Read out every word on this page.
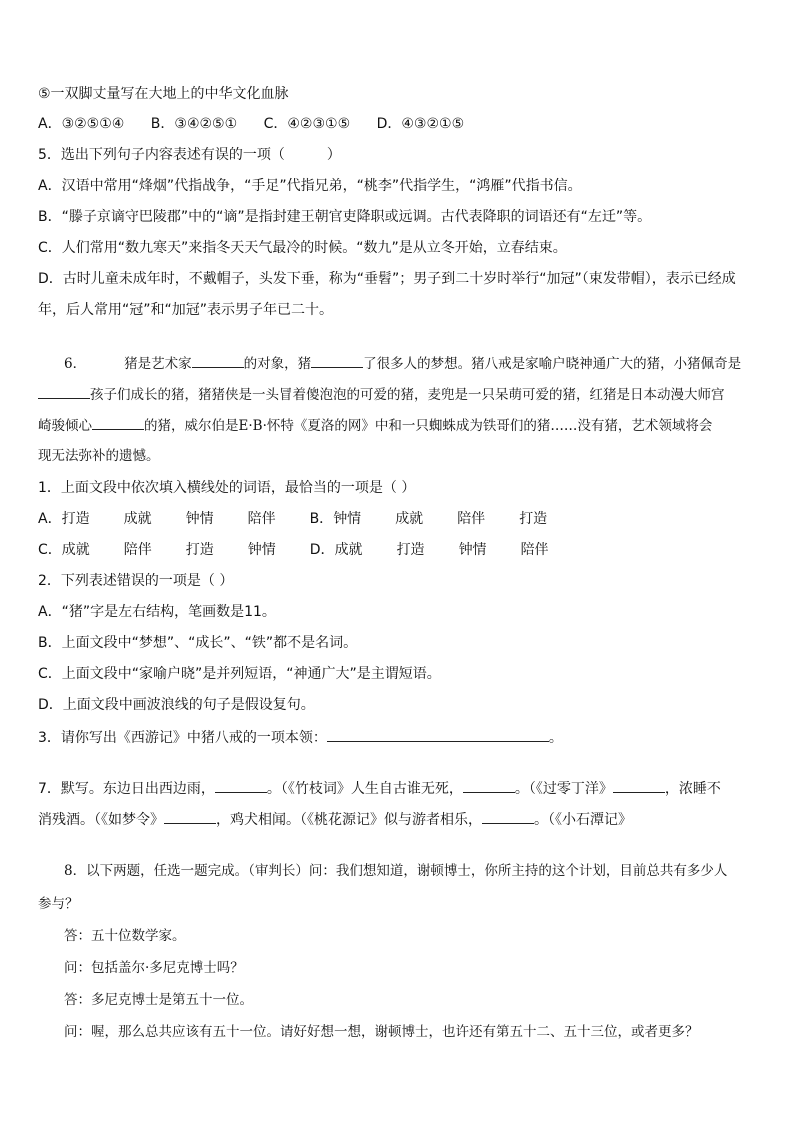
⑤一双脚丈量写在大地上的中华文化血脉
A．③②⑤①④ B．③④②⑤① C．④②③①⑤ D．④③②①⑤
5．选出下列句子内容表述有误的一项（	）
A．汉语中常用“烽烟”代指战争，“手足”代指兄弟，“桃李”代指学生，“鸿雁”代指书信。
B．“滕子京谪守巴陵郡”中的“谪”是指封建王朝官吏降职或远调。古代表降职的词语还有“左迁”等。
C．人们常用“数九寒天”来指冬天天气最冷的时候。“数九”是从立冬开始，立春结束。
D．古时儿童未成年时，不戴帽子，头发下垂，称为“垂髫”；男子到二十岁时举行“加冠”（束发带帽），表示已经成
年，后人常用“冠”和“加冠”表示男子年已二十。
6．	猪是艺术家	的对象，猪	了很多人的梦想。猪八戒是家喻户晓神通广大的猪，小猪佩奇是
孩子们成长的猪，猪猪侠是一头冒着傻泡泡的可爱的猪，麦兜是一只呆萌可爱的猪，红猪是日本动漫大师宫
崎骏倾心	的猪，威尔伯是E·B·怀特《夏洛的网》中和一只蜘蛛成为铁哥们的猪……没有猪，艺术领域将会
现无法弥补的遗憾。
1．上面文段中依次填入横线处的词语，最恰当的一项是（ ）
A．打造 成就 钟情 陪伴 B．钟情 成就 陪伴 打造
C．成就 陪伴 打造 钟情 D．成就 打造 钟情 陪伴
2．下列表述错误的一项是（ ）
A．“猪”字是左右结构，笔画数是11。
B．上面文段中“梦想”、“成长”、“铁”都不是名词。
C．上面文段中“家喻户晓”是并列短语，“神通广大”是主谓短语。
D．上面文段中画波浪线的句子是假设复句。
3．请你写出《西游记》中猪八戒的一项本领：	。
7．默写。东边日出西边雨，	。（《竹枝词》人生自古谁无死，	。（《过零丁洋》	，浓睡不
消残酒。（《如梦令》	，鸡犬相闻。（《桃花源记》似与游者相乐，	。（《小石潭记》
8．以下两题，任选一题完成。（审判长）问：我们想知道，谢顿博士，你所主持的这个计划，目前总共有多少人
参与？
答：五十位数学家。
问：包括盖尔·多尼克博士吗？
答：多尼克博士是第五十一位。
问：喔，那么总共应该有五十一位。请好好想一想，谢顿博士，也许还有第五十二、五十三位，或者更多？
